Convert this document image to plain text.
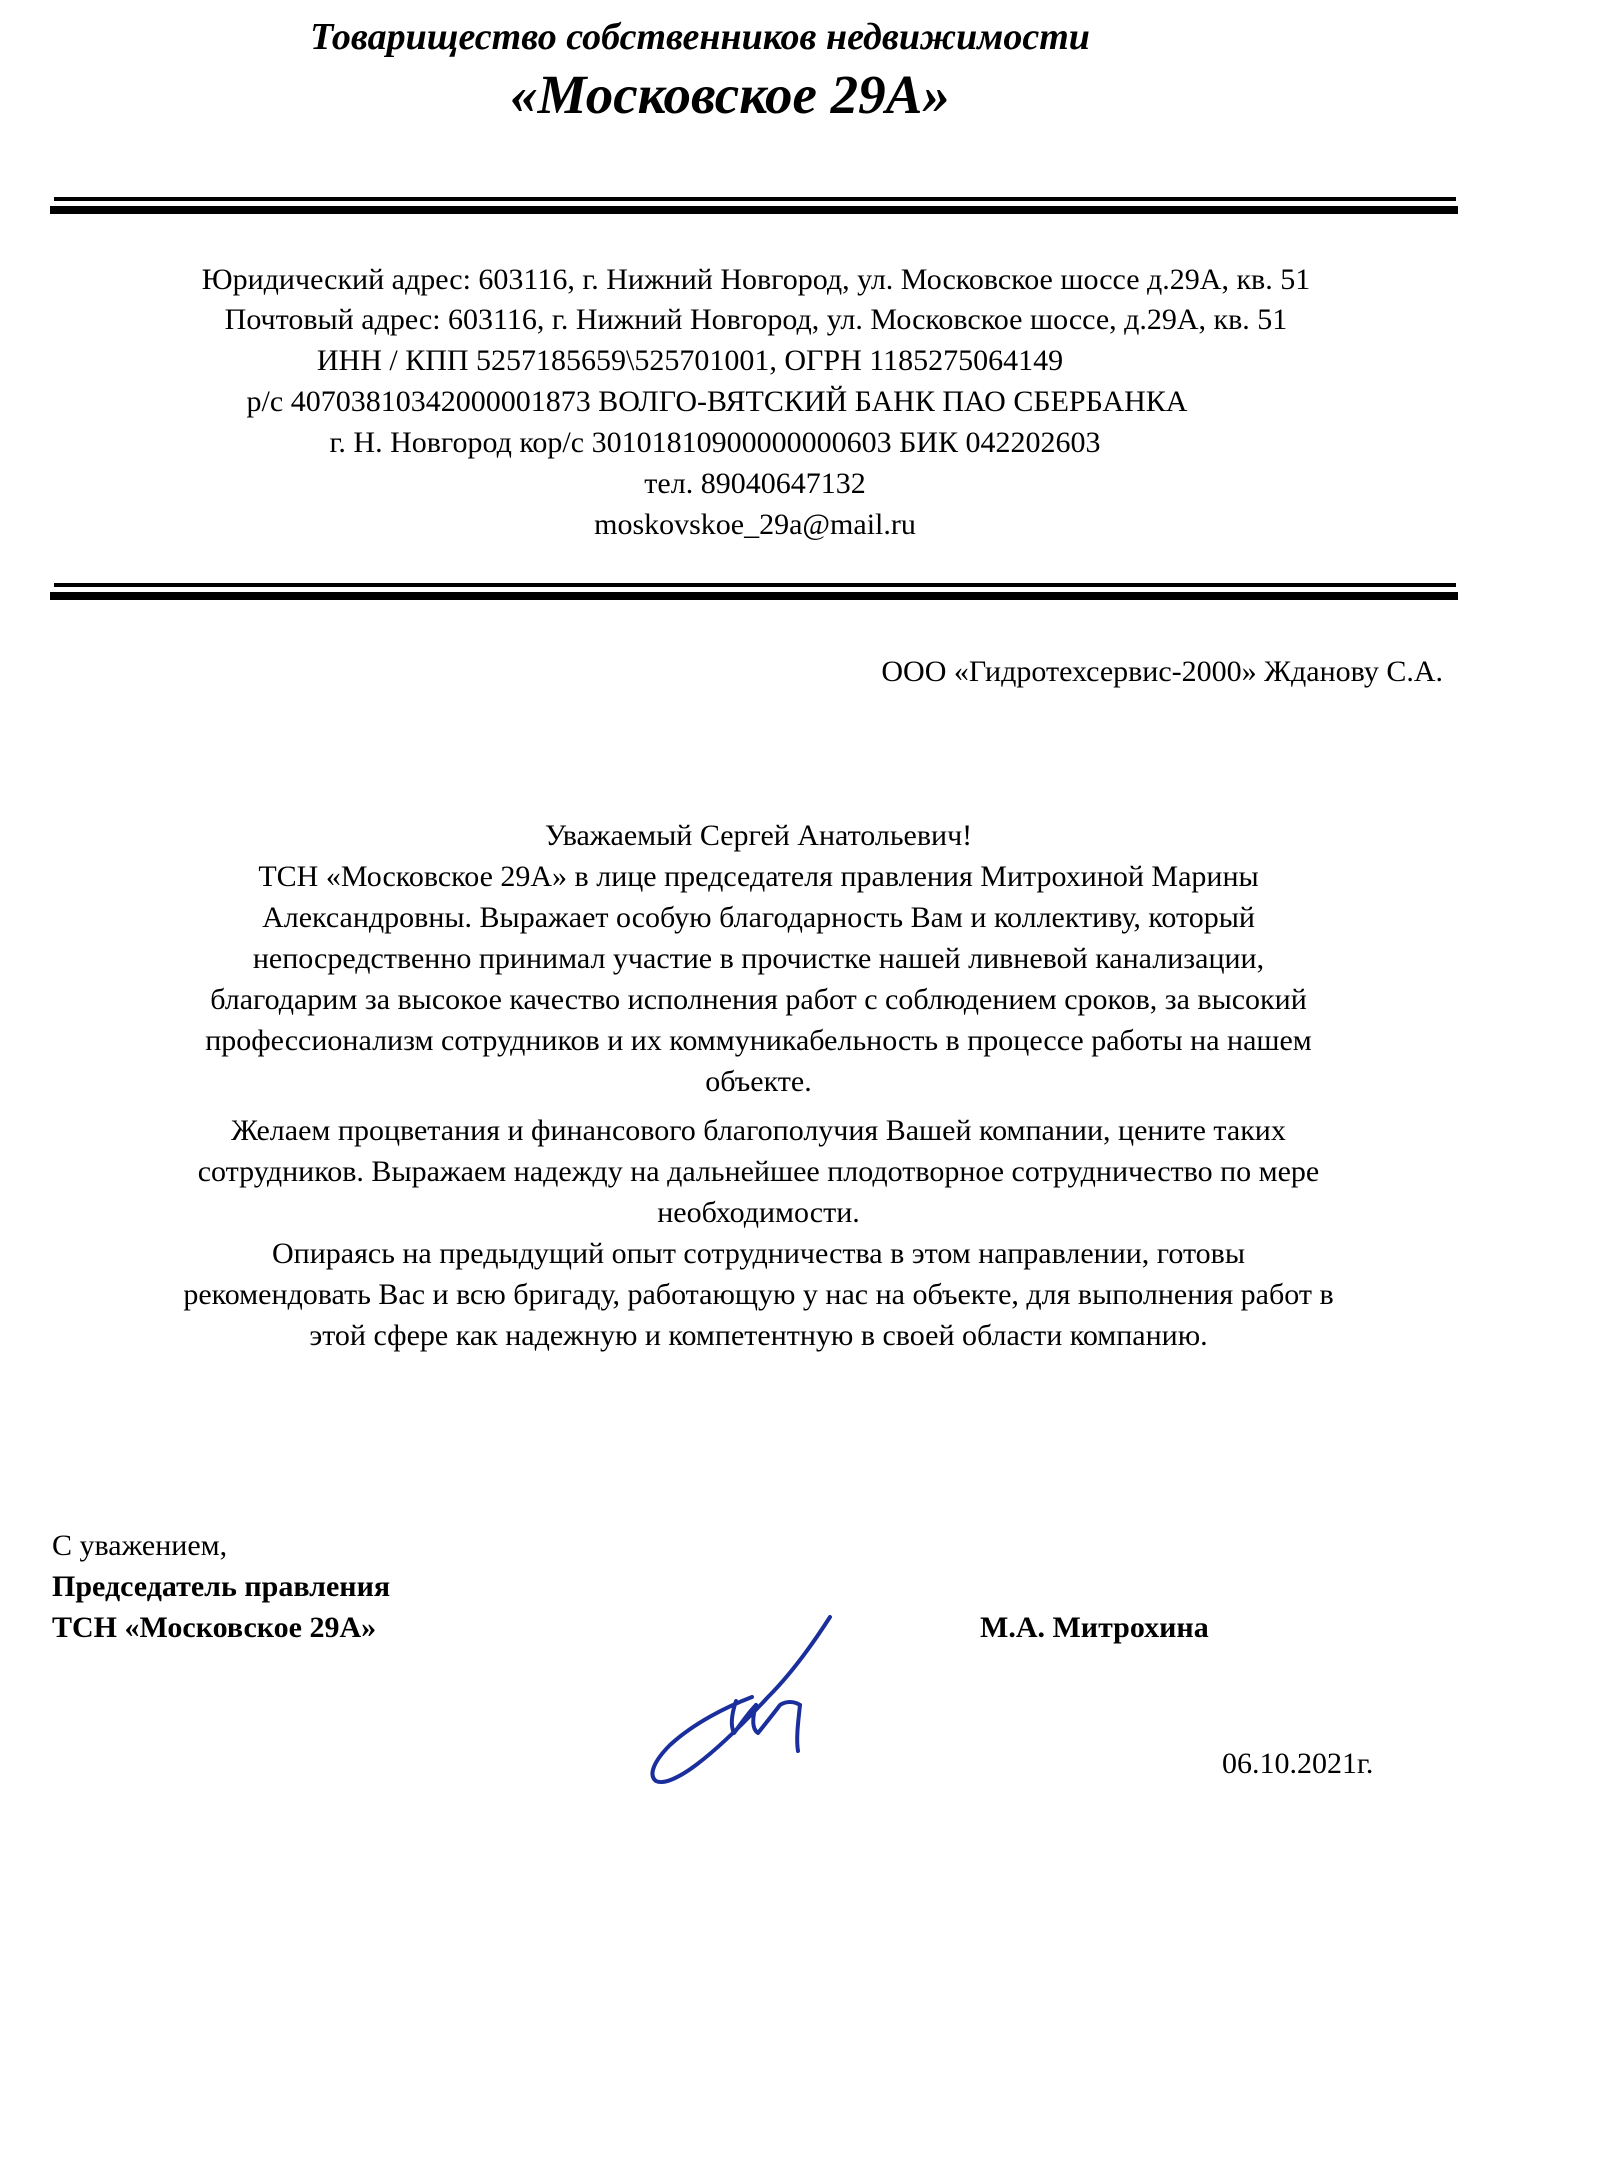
Товарищество собственников недвижимости
«Московское 29А»
Юридический адрес: 603116, г. Нижний Новгород, ул. Московское шоссе д.29А, кв. 51
Почтовый адрес: 603116, г. Нижний Новгород, ул. Московское шоссе, д.29А, кв. 51
ИНН / КПП 5257185659\525701001, ОГРН 1185275064149
р/с 40703810342000001873 ВОЛГО-ВЯТСКИЙ БАНК ПАО СБЕРБАНКА
г. Н. Новгород кор/с 30101810900000000603 БИК 042202603
тел. 89040647132
moskovskoe_29a@mail.ru
ООО «Гидротехсервис-2000» Жданову С.А.
Уважаемый Сергей Анатольевич!
ТСН «Московское 29А» в лице председателя правления Митрохиной Марины
Александровны. Выражает особую благодарность Вам и коллективу, который
непосредственно принимал участие в прочистке нашей ливневой канализации,
благодарим за высокое качество исполнения работ с соблюдением сроков, за высокий
профессионализм сотрудников и их коммуникабельность в процессе работы на нашем
объекте.
Желаем процветания и финансового благополучия Вашей компании, цените таких
сотрудников. Выражаем надежду на дальнейшее плодотворное сотрудничество по мере
необходимости.
Опираясь на предыдущий опыт сотрудничества в этом направлении, готовы
рекомендовать Вас и всю бригаду, работающую у нас на объекте, для выполнения работ в
этой сфере как надежную и компетентную в своей области компанию.
С уважением,
Председатель правления
ТСН «Московское 29А»	М.А. Митрохина
06.10.2021г.
